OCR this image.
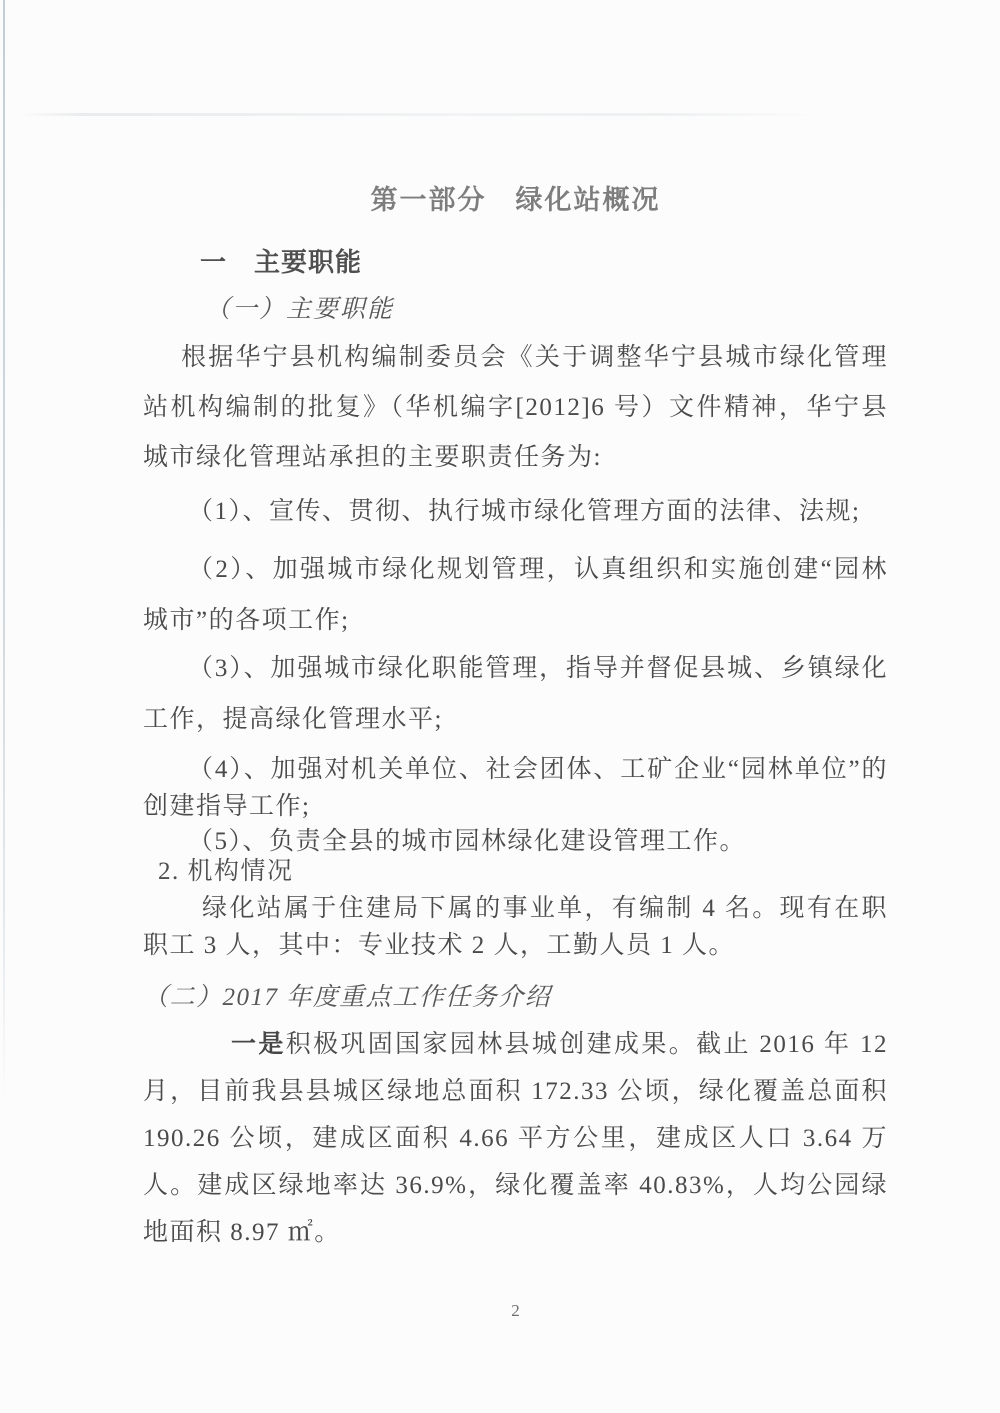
第一部分　绿化站概况
一　主要职能
（一）主要职能

根据华宁县机构编制委员会《关于调整华宁县城市绿化管理站机构编制的批复》（华机编字[2012]6 号）文件精神，华宁县城市绿化管理站承担的主要职责任务为:

（1）、宣传、贯彻、执行城市绿化管理方面的法律、法规;

（2）、加强城市绿化规划管理，认真组织和实施创建“园林城市”的各项工作;

（3）、加强城市绿化职能管理，指导并督促县城、乡镇绿化工作，提高绿化管理水平;

（4）、加强对机关单位、社会团体、工矿企业“园林单位”的创建指导工作;

（5）、负责全县的城市园林绿化建设管理工作。

2. 机构情况

绿化站属于住建局下属的事业单，有编制 4 名。现有在职职工 3 人，其中：专业技术 2 人，工勤人员 1 人。

（二）2017 年度重点工作任务介绍

一是积极巩固国家园林县城创建成果。截止 2016 年 12 月，目前我县县城区绿地总面积 172.33 公顷，绿化覆盖总面积 190.26 公顷，建成区面积 4.66 平方公里，建成区人口 3.64 万人。建成区绿地率达 36.9%，绿化覆盖率 40.83%，人均公园绿地面积 8.97 ㎡。

2
